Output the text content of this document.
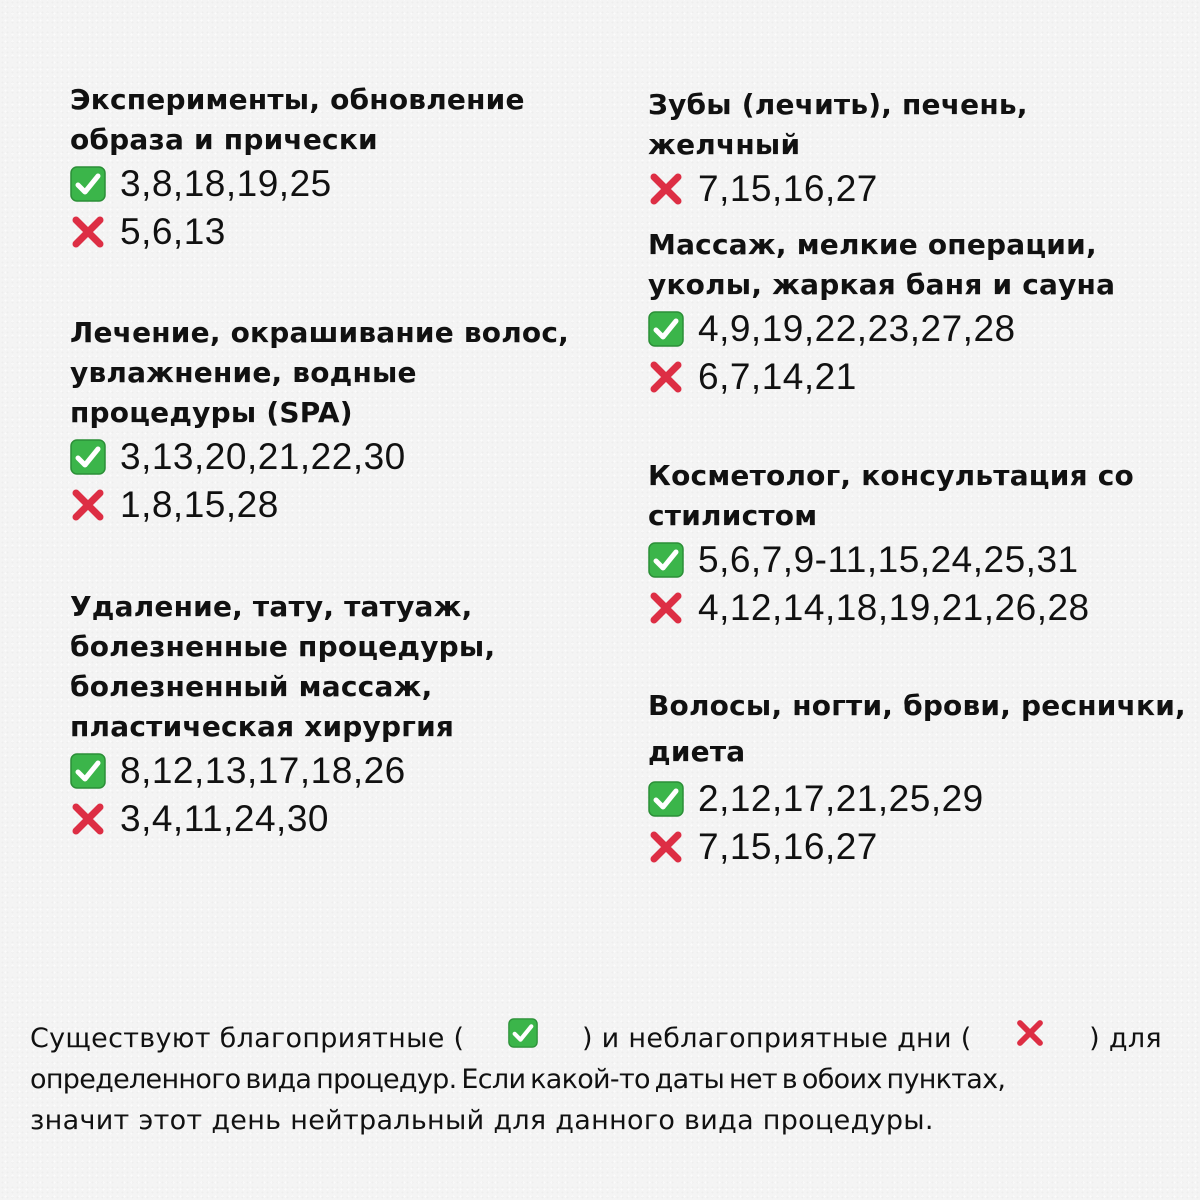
Эксперименты, обновление образа и прически
3,8,18,19,25
5,6,13
Лечение, окрашивание волос, увлажнение, водные процедуры (SPA)
3,13,20,21,22,30
1,8,15,28
Удаление, тату, татуаж, болезненные процедуры, болезненный массаж, пластическая хирургия
8,12,13,17,18,26
3,4,11,24,30
Зубы (лечить), печень, желчный
7,15,16,27
Массаж, мелкие операции, уколы, жаркая баня и сауна
4,9,19,22,23,27,28
6,7,14,21
Косметолог, консультация со стилистом
5,6,7,9-11,15,24,25,31
4,12,14,18,19,21,26,28
Волосы, ногти, брови, реснички, диета
2,12,17,21,25,29
7,15,16,27
Существуют благоприятные (	) и неблагоприятные дни (	) для
определенного вида процедур. Если какой-то даты нет в обоих пунктах,
значит этот день нейтральный для данного вида процедуры.
